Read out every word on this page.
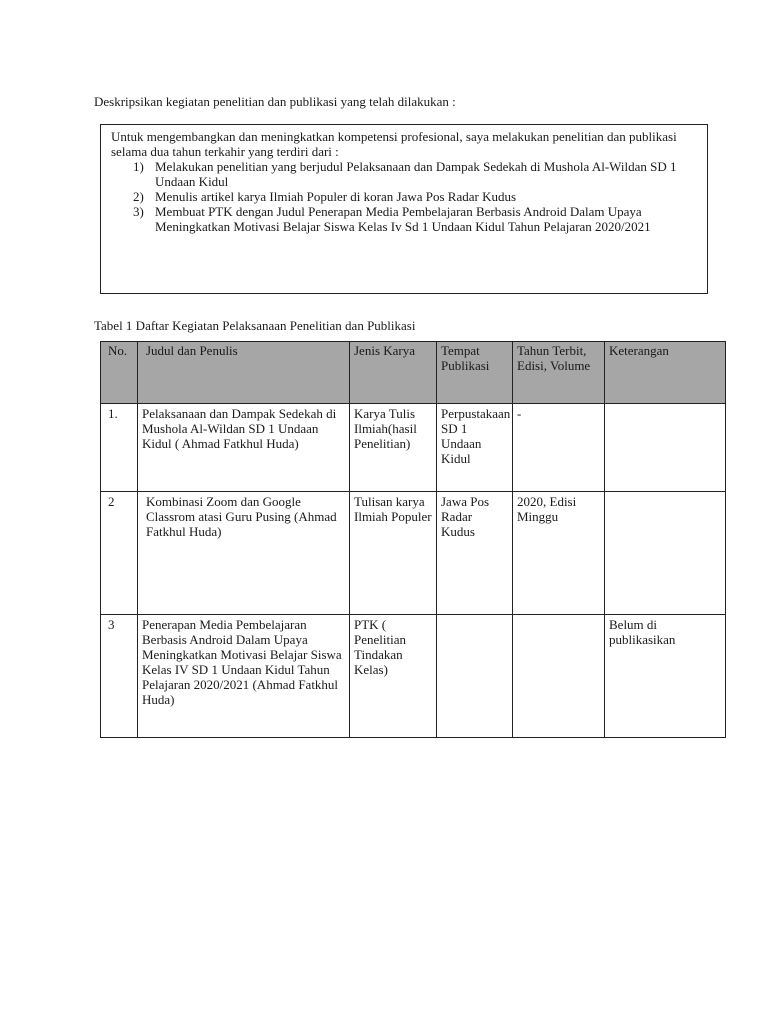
Deskripsikan kegiatan penelitian dan publikasi yang telah dilakukan :
Untuk mengembangkan dan meningkatkan kompetensi profesional, saya melakukan penelitian dan publikasi selama dua tahun terkahir yang terdiri dari :
1) Melakukan penelitian yang berjudul Pelaksanaan dan Dampak Sedekah di Mushola Al-Wildan SD 1 Undaan Kidul
2) Menulis artikel karya Ilmiah Populer di koran Jawa Pos Radar Kudus
3) Membuat PTK dengan Judul Penerapan Media Pembelajaran Berbasis Android Dalam Upaya Meningkatkan Motivasi Belajar Siswa Kelas Iv Sd 1 Undaan Kidul Tahun Pelajaran 2020/2021
Tabel 1 Daftar Kegiatan Pelaksanaan Penelitian dan Publikasi
No.	Judul dan Penulis	Jenis Karya	Tempat Publikasi	Tahun Terbit, Edisi, Volume	Keterangan
1.	Pelaksanaan dan Dampak Sedekah di Mushola Al-Wildan SD 1 Undaan Kidul ( Ahmad Fatkhul Huda)	Karya Tulis Ilmiah(hasil Penelitian)	Perpustakaan SD 1 Undaan Kidul	-	
2	Kombinasi Zoom dan Google Classrom atasi Guru Pusing (Ahmad Fatkhul Huda)	Tulisan karya Ilmiah Populer	Jawa Pos Radar Kudus	2020, Edisi Minggu	
3	Penerapan Media Pembelajaran Berbasis Android Dalam Upaya Meningkatkan Motivasi Belajar Siswa Kelas IV SD 1 Undaan Kidul Tahun Pelajaran 2020/2021 (Ahmad Fatkhul Huda)	PTK ( Penelitian Tindakan Kelas)			Belum di publikasikan
